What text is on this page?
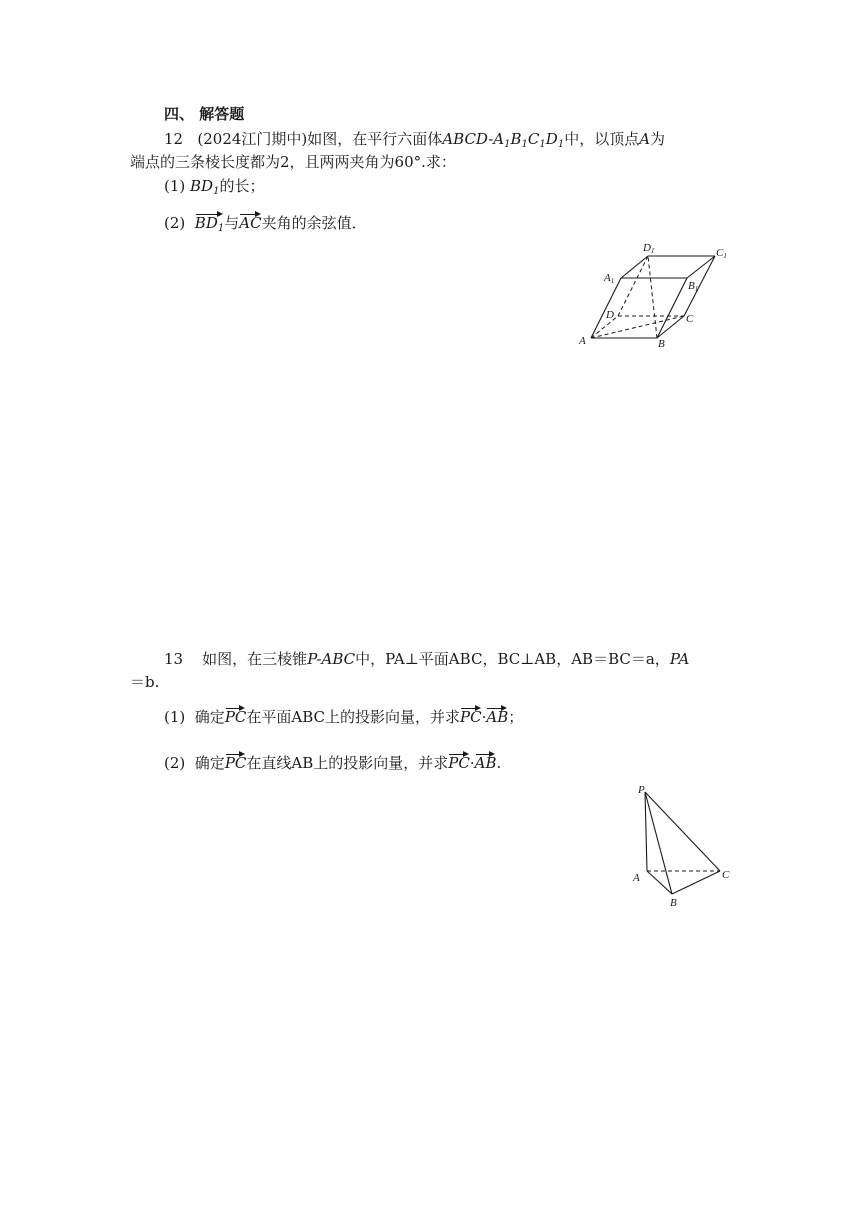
四、 解答题
12 (2024江门期中)如图，在平行六面体ABCD-$A_1B_1C_1D_1$中，以顶点A为
端点的三条棱长度都为2，且两两夹角为60°.求：
(1) $BD_1$的长；
(2) $BD_1$与AC夹角的余弦值．
A1	B1
C1
D1
A	B
C
D
13 如图，在三棱锥P-ABC中，PA⊥平面ABC，BC⊥AB，AB＝BC＝a，PA
＝b.
(1) 确定PC在平面ABC上的投影向量，并求PC·AB；
(2) 确定PC在直线AB上的投影向量，并求PC·AB.
P
A
B
C
